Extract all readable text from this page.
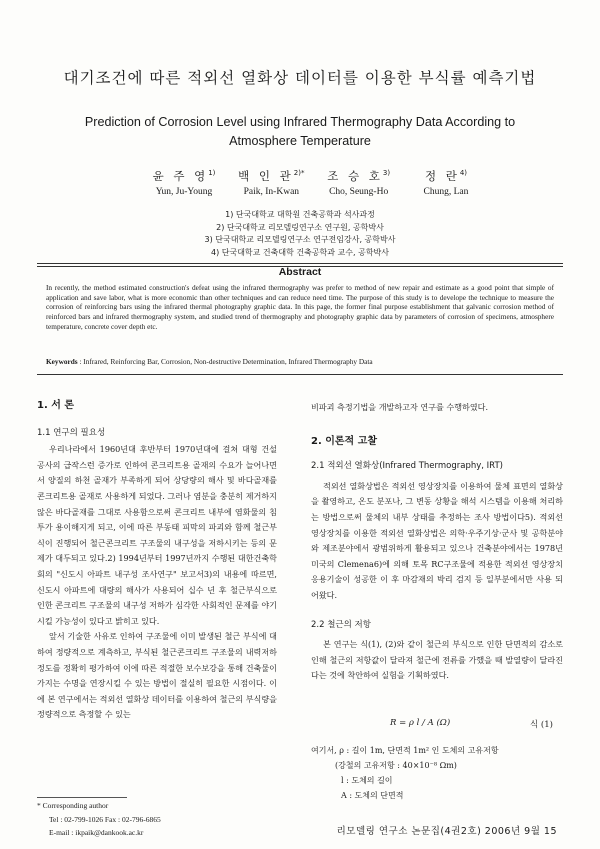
대기조건에 따른 적외선 열화상 데이터를 이용한 부식률 예측기법
Prediction of Corrosion Level using Infrared Thermography Data According to
Atmosphere Temperature
윤 주 영$^{1)}$
Yun, Ju-Young
백 인 관$^{2)*}$
Paik, In-Kwan
조 승 호$^{3)}$
Cho, Seung-Ho
정 란$^{4)}$
Chung, Lan
1) 단국대학교 대학원 건축공학과 석사과정
2) 단국대학교 리모델링연구소 연구원, 공학박사
3) 단국대학교 리모델링연구소 연구전임강사, 공학박사
4) 단국대학교 건축대학 건축공학과 교수, 공학박사
Abstract
In recently, the method estimated construction's defeat using the infrared thermography was prefer to method of new repair and estimate as a good point that simple of application and save labor, what is more economic than other techniques and can reduce need time. The purpose of this study is to develope the technique to measure the corrosion of reinforcing bars using the infrared thermal photography graphic data. In this page, the former final purpose establishment that galvanic corrosion method of reinforced bars and infrared thermography system, and studied trend of thermography and photography graphic data by parameters of corrosion of specimens, atmosphere temperature, concrete cover depth etc.
Keywords : Infrared, Reinforcing Bar, Corrosion, Non-destructive Determination, Infrared Thermography Data
1. 서 론
1.1 연구의 필요성
우리나라에서 1960년대 후반부터 1970년대에 걸쳐 대형 건설공사의 급작스런 증가로 인하여 콘크리트용 골재의 수요가 늘어나면서 양질의 하천 골재가 부족하게 되어 상당량의 해사 및 바다골재를 콘크리트용 골재로 사용하게 되었다. 그러나 염분을 충분히 제거하지 않은 바다골재를 그대로 사용함으로써 콘크리트 내부에 염화물의 침투가 용이해지게 되고, 이에 따른 부동태 피막의 파괴와 함께 철근부식이 진행되어 철근콘크리트 구조물의 내구성을 저하시키는 등의 문제가 대두되고 있다.2) 1994년부터 1997년까지 수행된 대한건축학회의 "신도시 아파트 내구성 조사연구" 보고서3)의 내용에 따르면, 신도시 아파트에 대량의 해사가 사용되어 십수 년 후 철근부식으로 인한 콘크리트 구조물의 내구성 저하가 심각한 사회적인 문제를 야기 시킬 가능성이 있다고 밝히고 있다.
앞서 기술한 사유로 인하여 구조물에 이미 발생된 철근 부식에 대하여 정량적으로 계측하고, 부식된 철근콘크리트 구조물의 내력저하 정도를 정확히 평가하여 이에 따른 적절한 보수보강을 통해 건축물이 가지는 수명을 연장시킬 수 있는 방법이 절실히 필요한 시점이다. 이에 본 연구에서는 적외선 열화상 데이터를 이용하여 철근의 부식량을 정량적으로 측정할 수 있는
* Corresponding author
Tel : 02-799-1026 Fax : 02-796-6865
E-mail : ikpaik@dankook.ac.kr
비파괴 측정기법을 개발하고자 연구를 수행하였다.
2. 이론적 고찰
2.1 적외선 열화상(Infrared Thermography, IRT)
적외선 열화상법은 적외선 영상장치를 이용하여 물체 표면의 열화상을 촬영하고, 온도 분포나, 그 변동 상황을 해석 시스템을 이용해 처리하는 방법으로써 물체의 내부 상태를 추정하는 조사 방법이다5). 적외선 영상장치를 이용한 적외선 열화상법은 의학·우주기상·군사 및 공학분야와 제조분야에서 광범위하게 활용되고 있으나 건축분야에서는 1978년 미국의 Clemena6)에 의해 토목 RC구조물에 적용한 적외선 영상장치 응용기술이 성공한 이 후 마감재의 박리 검지 등 일부분에서만 사용 되어왔다.
2.2 철근의 저항
본 연구는 식(1), (2)와 같이 철근의 부식으로 인한 단면적의 감소로 인해 철근의 저항값이 달라져 철근에 전류를 가했을 때 발열량이 달라진다는 것에 착안하여 실험을 기획하였다.
R = ρ l / A (Ω)	식 (1)
여기서, ρ : 길이 1m, 단면적 1m² 인 도체의 고유저항
(강철의 고유저항 : 40×10⁻⁸ Ωm)
l : 도체의 길이
A : 도체의 단면적
리모델링 연구소 논문집(4권2호) 2006년 9월 15
